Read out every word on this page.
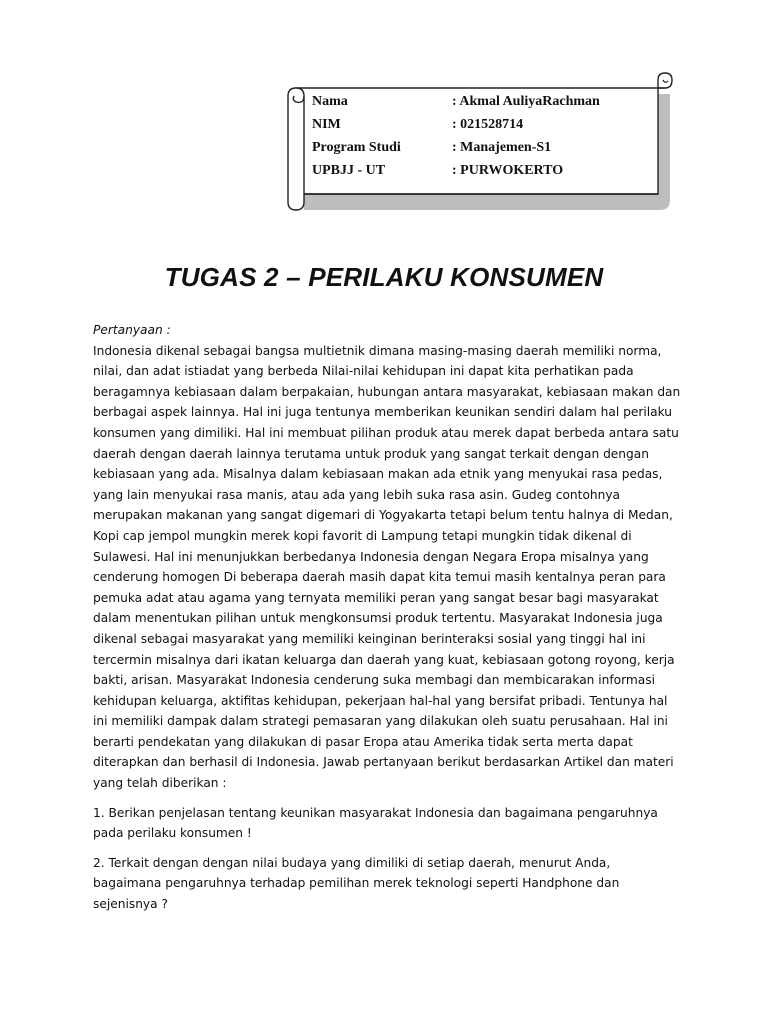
Nama	: Akmal AuliyaRachman
NIM	: 021528714
Program Studi	: Manajemen-S1
UPBJJ - UT	: PURWOKERTO
TUGAS 2 – PERILAKU KONSUMEN

Pertanyaan :

Indonesia dikenal sebagai bangsa multietnik dimana masing-masing daerah memiliki norma, nilai, dan adat istiadat yang berbeda Nilai-nilai kehidupan ini dapat kita perhatikan pada beragamnya kebiasaan dalam berpakaian, hubungan antara masyarakat, kebiasaan makan dan berbagai aspek lainnya. Hal ini juga tentunya memberikan keunikan sendiri dalam hal perilaku konsumen yang dimiliki. Hal ini membuat pilihan produk atau merek dapat berbeda antara satu daerah dengan daerah lainnya terutama untuk produk yang sangat terkait dengan dengan kebiasaan yang ada. Misalnya dalam kebiasaan makan ada etnik yang menyukai rasa pedas, yang lain menyukai rasa manis, atau ada yang lebih suka rasa asin. Gudeg contohnya merupakan makanan yang sangat digemari di Yogyakarta tetapi belum tentu halnya di Medan, Kopi cap jempol mungkin merek kopi favorit di Lampung tetapi mungkin tidak dikenal di Sulawesi. Hal ini menunjukkan berbedanya Indonesia dengan Negara Eropa misalnya yang cenderung homogen Di beberapa daerah masih dapat kita temui masih kentalnya peran para pemuka adat atau agama yang ternyata memiliki peran yang sangat besar bagi masyarakat dalam menentukan pilihan untuk mengkonsumsi produk tertentu. Masyarakat Indonesia juga dikenal sebagai masyarakat yang memiliki keinginan berinteraksi sosial yang tinggi hal ini tercermin misalnya dari ikatan keluarga dan daerah yang kuat, kebiasaan gotong royong, kerja bakti, arisan. Masyarakat Indonesia cenderung suka membagi dan membicarakan informasi kehidupan keluarga, aktifitas kehidupan, pekerjaan hal-hal yang bersifat pribadi. Tentunya hal ini memiliki dampak dalam strategi pemasaran yang dilakukan oleh suatu perusahaan. Hal ini berarti pendekatan yang dilakukan di pasar Eropa atau Amerika tidak serta merta dapat diterapkan dan berhasil di Indonesia. Jawab pertanyaan berikut berdasarkan Artikel dan materi yang telah diberikan :

1. Berikan penjelasan tentang keunikan masyarakat Indonesia dan bagaimana pengaruhnya pada perilaku konsumen !

2. Terkait dengan dengan nilai budaya yang dimiliki di setiap daerah, menurut Anda, bagaimana pengaruhnya terhadap pemilihan merek teknologi seperti Handphone dan sejenisnya ?
